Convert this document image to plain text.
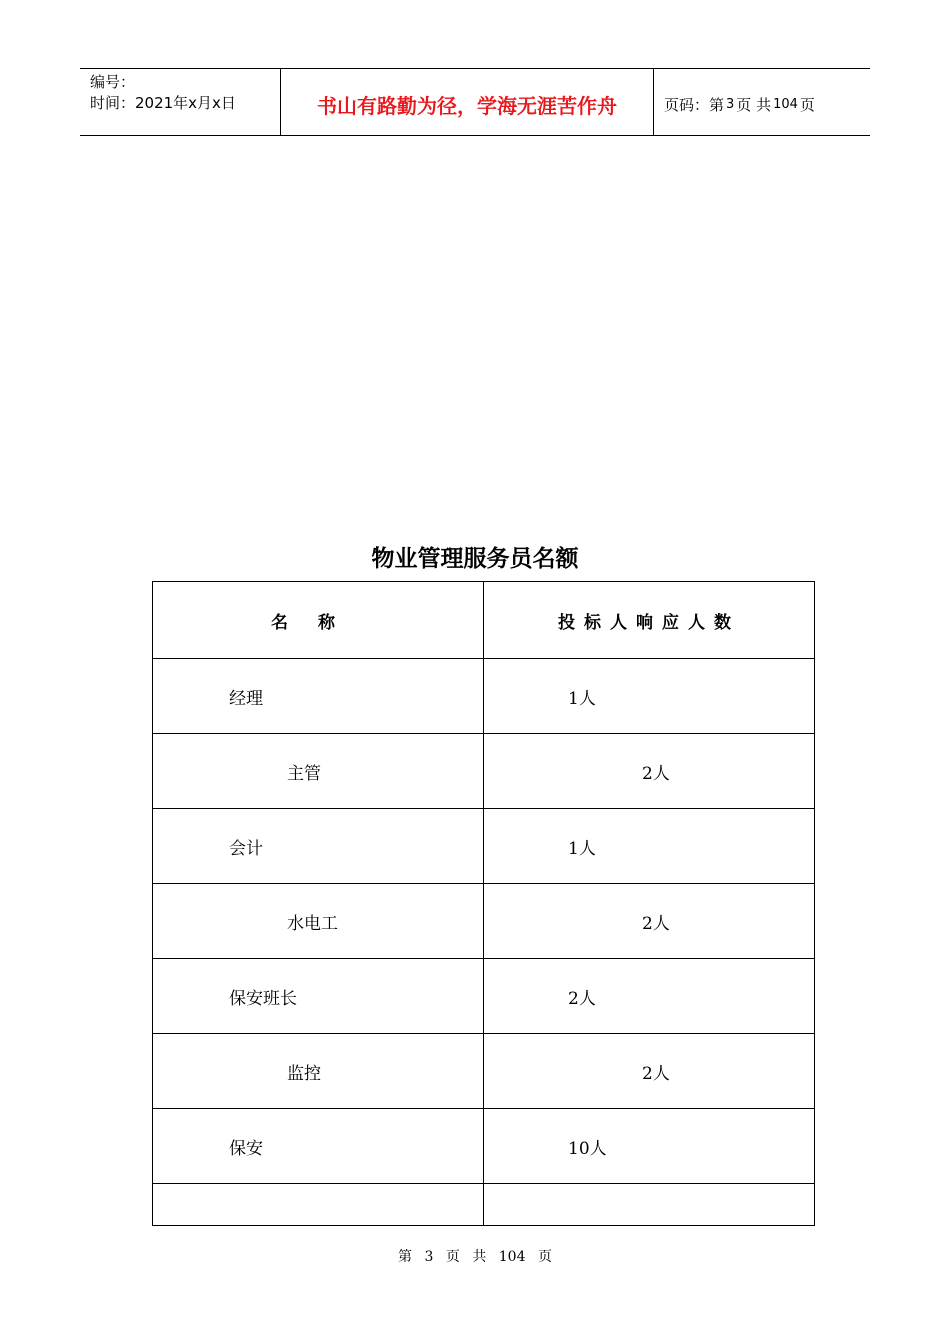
编号：
时间：2021年x月x日	书山有路勤为径，学海无涯苦作舟	页码：第 3 页 共 104 页
物业管理服务员名额
名称	投标人响应人数
经理	1人
主管	2人
会计	1人
水电工	2人
保安班长	2人
监控	2人
保安	10人

第 3 页 共 104 页
